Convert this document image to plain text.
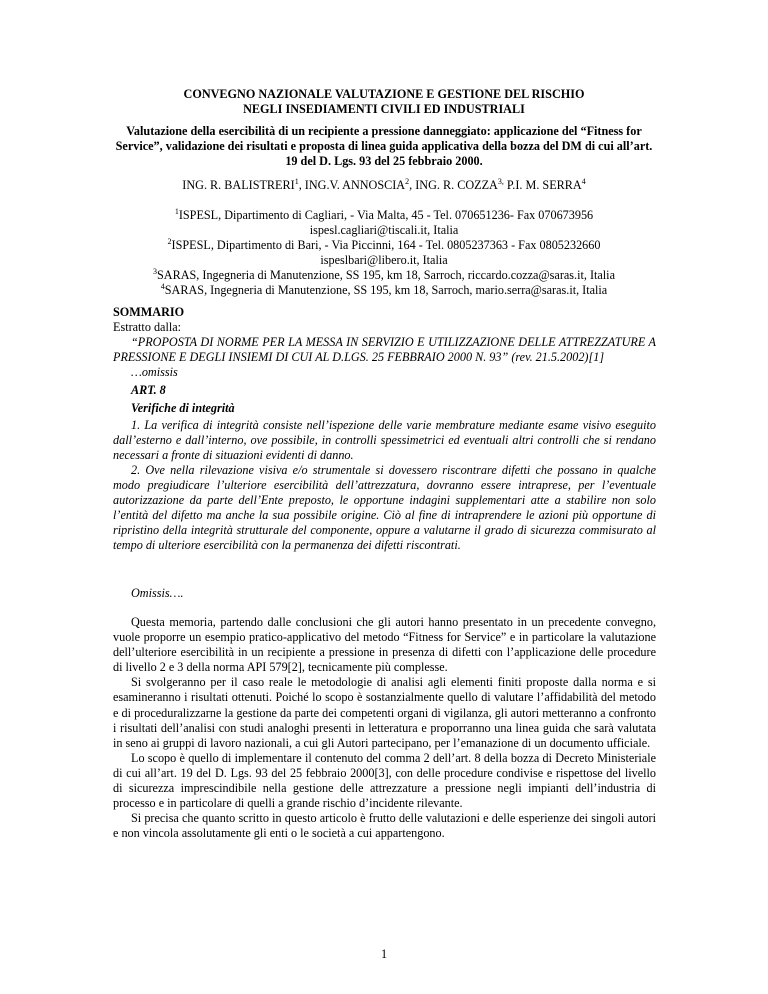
CONVEGNO NAZIONALE VALUTAZIONE E GESTIONE DEL RISCHIO
NEGLI INSEDIAMENTI CIVILI ED INDUSTRIALI
Valutazione della esercibilità di un recipiente a pressione danneggiato: applicazione del “Fitness for Service”, validazione dei risultati e proposta di linea guida applicativa della bozza del DM di cui all’art. 19 del D. Lgs. 93 del 25 febbraio 2000.
ING. R. BALISTRERI$^1$, ING.V. ANNOSCIA$^2$, ING. R. $COZZA^{3,}$ P.I. M. SERRA$^4$
$^1$ISPESL, Dipartimento di Cagliari, - Via Malta, 45 - Tel. 070651236- Fax 070673956
ispesl.cagliari@tiscali.it, Italia
$^2$ISPESL, Dipartimento di Bari, - Via Piccinni, 164 - Tel. 0805237363 - Fax 0805232660
ispeslbari@libero.it, Italia
$^3$SARAS, Ingegneria di Manutenzione, SS 195, km 18, Sarroch, riccardo.cozza@saras.it, Italia
$^4$SARAS, Ingegneria di Manutenzione, SS 195, km 18, Sarroch, mario.serra@saras.it, Italia
SOMMARIO
Estratto dalla:
“PROPOSTA DI NORME PER LA MESSA IN SERVIZIO E UTILIZZAZIONE DELLE ATTREZZATURE A PRESSIONE E DEGLI INSIEMI DI CUI AL D.LGS. 25 FEBBRAIO 2000 N. 93” (rev. 21.5.2002)[1]
…omissis
ART. 8
Verifiche di integrità

1. La verifica di integrità consiste nell’ispezione delle varie membrature mediante esame visivo eseguito dall’esterno e dall’interno, ove possibile, in controlli spessimetrici ed eventuali altri controlli che si rendano necessari a fronte di situazioni evidenti di danno.

2. Ove nella rilevazione visiva e/o strumentale si dovessero riscontrare difetti che possano in qualche modo pregiudicare l’ulteriore esercibilità dell’attrezzatura, dovranno essere intraprese, per l’eventuale autorizzazione da parte dell’Ente preposto, le opportune indagini supplementari atte a stabilire non solo l’entità del difetto ma anche la sua possibile origine. Ciò al fine di intraprendere le azioni più opportune di ripristino della integrità strutturale del componente, oppure a valutarne il grado di sicurezza commisurato al tempo di ulteriore esercibilità con la permanenza dei difetti riscontrati.

Omissis….

Questa memoria, partendo dalle conclusioni che gli autori hanno presentato in un precedente convegno, vuole proporre un esempio pratico-applicativo del metodo “Fitness for Service” e in particolare la valutazione dell’ulteriore esercibilità in un recipiente a pressione in presenza di difetti con l’applicazione delle procedure di livello 2 e 3 della norma API 579[2], tecnicamente più complesse.

Si svolgeranno per il caso reale le metodologie di analisi agli elementi finiti proposte dalla norma e si esamineranno i risultati ottenuti. Poiché lo scopo è sostanzialmente quello di valutare l’affidabilità del metodo e di proceduralizzarne la gestione da parte dei competenti organi di vigilanza, gli autori metteranno a confronto i risultati dell’analisi con studi analoghi presenti in letteratura e proporranno una linea guida che sarà valutata in seno ai gruppi di lavoro nazionali, a cui gli Autori partecipano, per l’emanazione di un documento ufficiale.

Lo scopo è quello di implementare il contenuto del comma 2 dell’art. 8 della bozza di Decreto Ministeriale di cui all’art. 19 del D. Lgs. 93 del 25 febbraio 2000[3], con delle procedure condivise e rispettose del livello di sicurezza imprescindibile nella gestione delle attrezzature a pressione negli impianti dell’industria di processo e in particolare di quelli a grande rischio d’incidente rilevante.

Si precisa che quanto scritto in questo articolo è frutto delle valutazioni e delle esperienze dei singoli autori e non vincola assolutamente gli enti o le società a cui appartengono.

1
